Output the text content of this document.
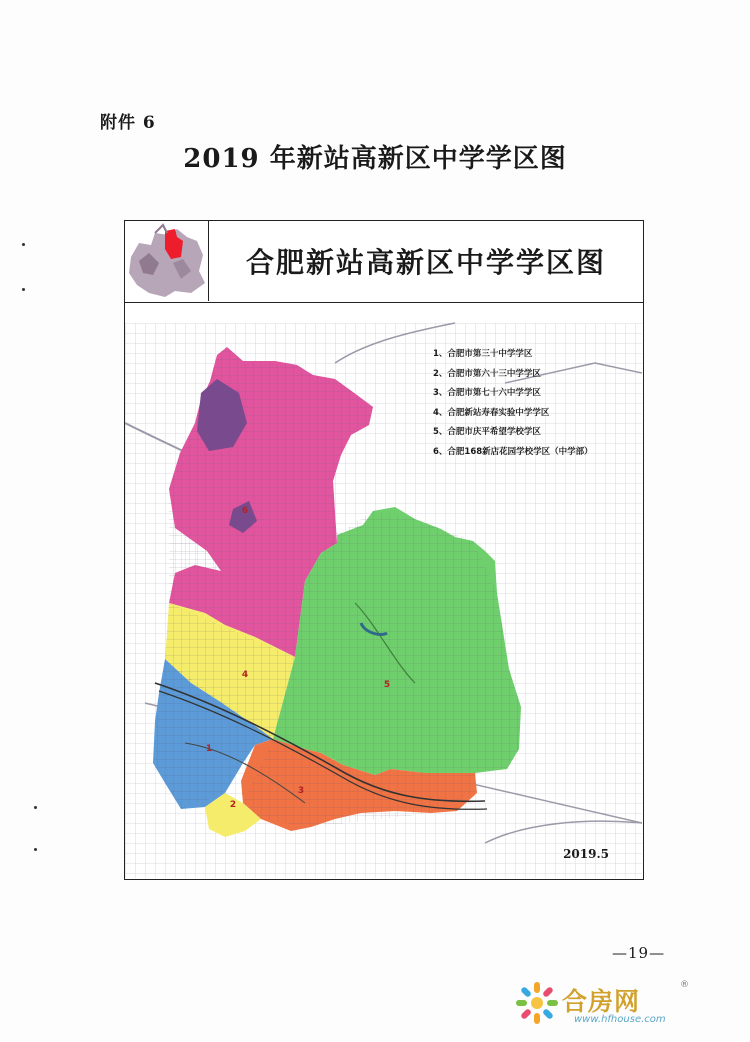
附件 6
2019 年新站高新区中学学区图
合肥新站高新区中学学区图
1
2
3
4
5
6
1、合肥市第三十中学学区
2、合肥市第六十三中学学区
3、合肥市第七十六中学学区
4、合肥新站寿春实验中学学区
5、合肥市庆平希望学校学区
6、合肥168新店花园学校学区（中学部）
2019.5
—19—
合房网
®
www.hfhouse.com
